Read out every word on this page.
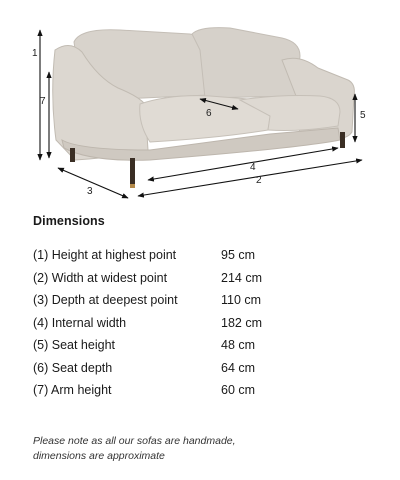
1
7
3
4
2
5
6
Dimensions
(1) Height at highest point	95 cm
(2) Width at widest point	214 cm
(3) Depth at deepest point	110 cm
(4) Internal width	182 cm
(5) Seat height	48 cm
(6) Seat depth	64 cm
(7) Arm height	60 cm
Please note as all our sofas are handmade,
dimensions are approximate
